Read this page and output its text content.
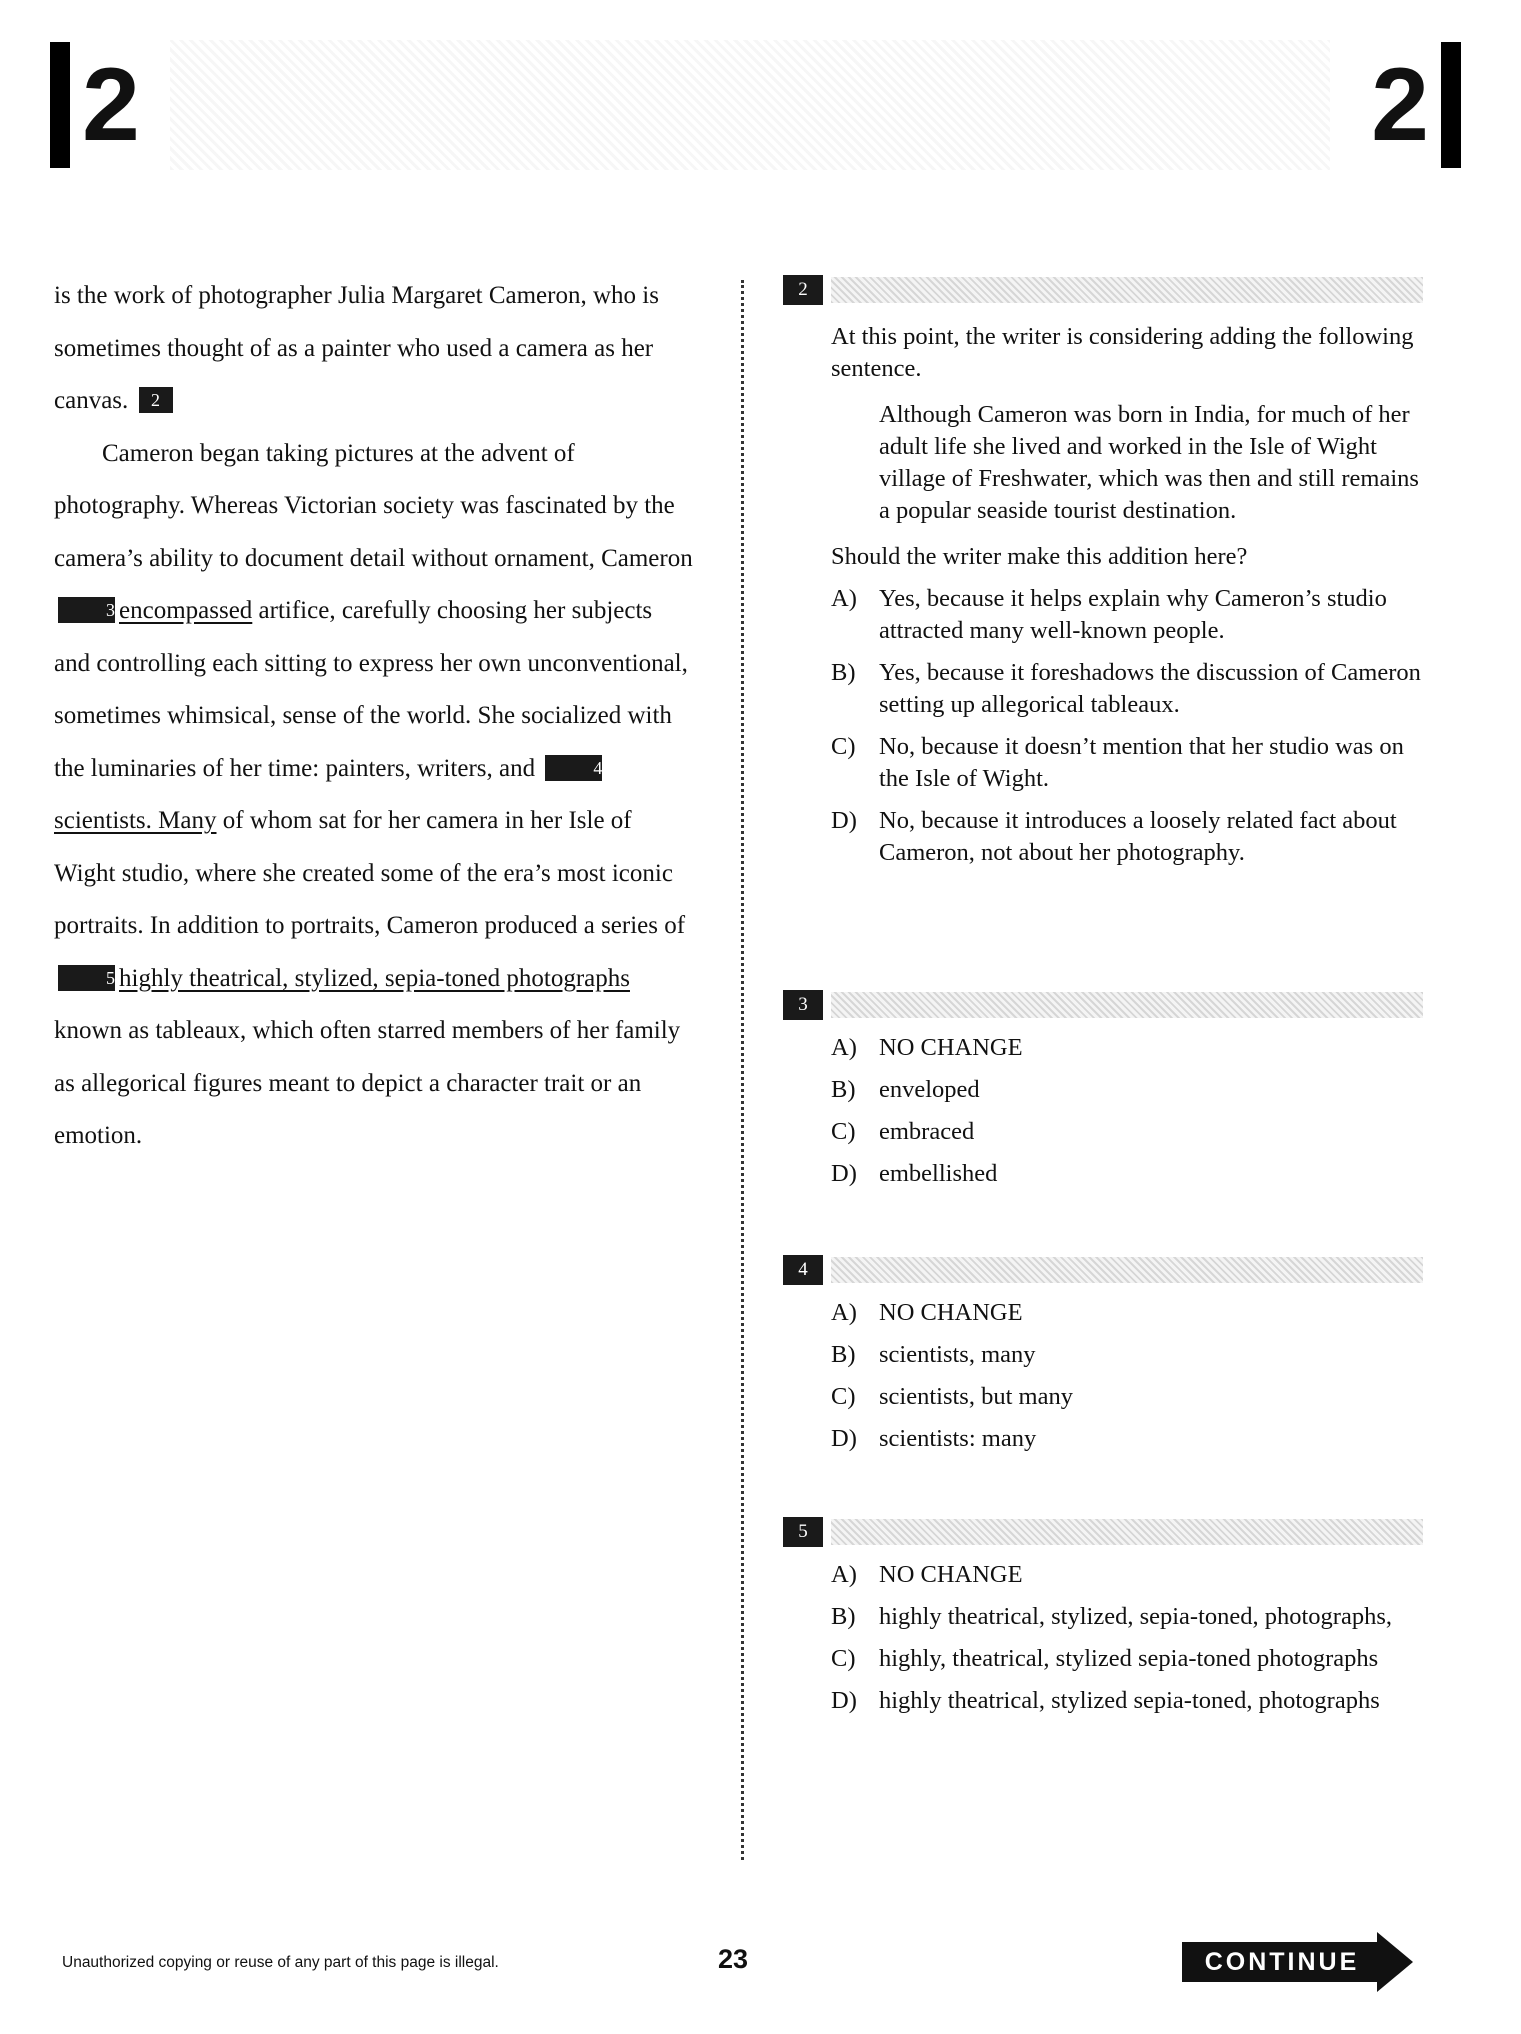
2	2

is the work of photographer Julia Margaret Cameron, who is sometimes thought of as a painter who used a camera as her canvas. 2

Cameron began taking pictures at the advent of photography. Whereas Victorian society was fascinated by the camera’s ability to document detail without ornament, Cameron 3 encompassed artifice, carefully choosing her subjects and controlling each sitting to express her own unconventional, sometimes whimsical, sense of the world. She socialized with the luminaries of her time: painters, writers, and	4scientists. Many of whom sat for her camera in her Isle of Wight studio, where she created some of the era’s most iconic portraits. In addition to portraits, Cameron produced a series of 5 highly theatrical, stylized, sepia-toned photographs known as tableaux, which often starred members of her family as allegorical figures meant to depict a character trait or an emotion.

2
At this point, the writer is considering adding the following sentence.
Although Cameron was born in India, for much of her adult life she lived and worked in the Isle of Wight village of Freshwater, which was then and still remains a popular seaside tourist destination.
Should the writer make this addition here?
A) Yes, because it helps explain why Cameron’s studio attracted many well-known people.
B) Yes, because it foreshadows the discussion of Cameron setting up allegorical tableaux.
C) No, because it doesn’t mention that her studio was on the Isle of Wight.
D) No, because it introduces a loosely related fact about Cameron, not about her photography.
3
A) NO CHANGE
B) enveloped
C) embraced
D) embellished
4
A) NO CHANGE
B) scientists, many
C) scientists, but many
D) scientists: many
5
A) NO CHANGE
B) highly theatrical, stylized, sepia-toned, photographs,
C) highly, theatrical, stylized sepia-toned photographs
D) highly theatrical, stylized sepia-toned, photographs
Unauthorized copying or reuse of any part of this page is illegal.	23	CONTINUE
